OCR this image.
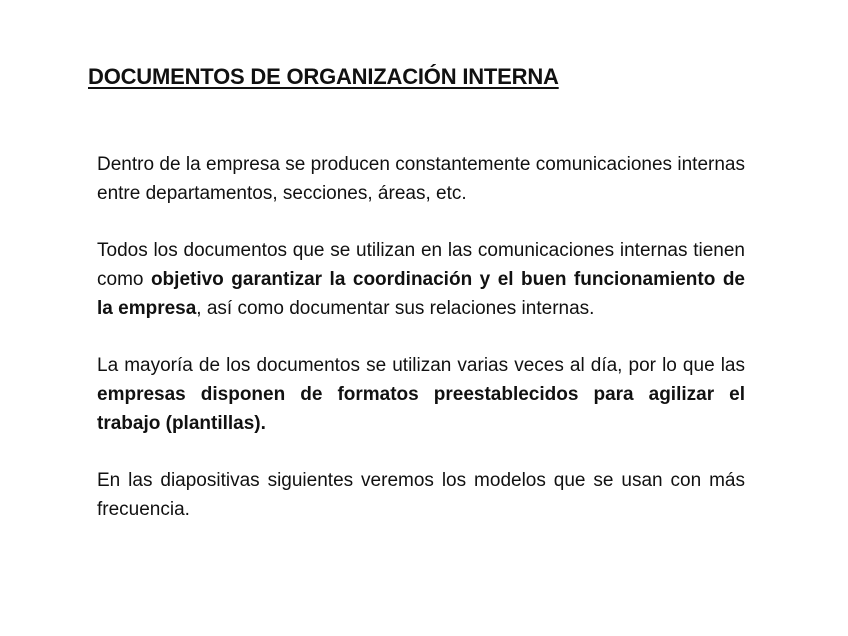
DOCUMENTOS DE ORGANIZACIÓN INTERNA

Dentro de la empresa se producen constantemente comunicaciones internas entre departamentos, secciones, áreas, etc.

Todos los documentos que se utilizan en las comunicaciones internas tienen como objetivo garantizar la coordinación y el buen funcionamiento de la empresa, así como documentar sus relaciones internas.

La mayoría de los documentos se utilizan varias veces al día, por lo que las empresas disponen de formatos preestablecidos para agilizar el trabajo (plantillas).

En las diapositivas siguientes veremos los modelos que se usan con más frecuencia.
